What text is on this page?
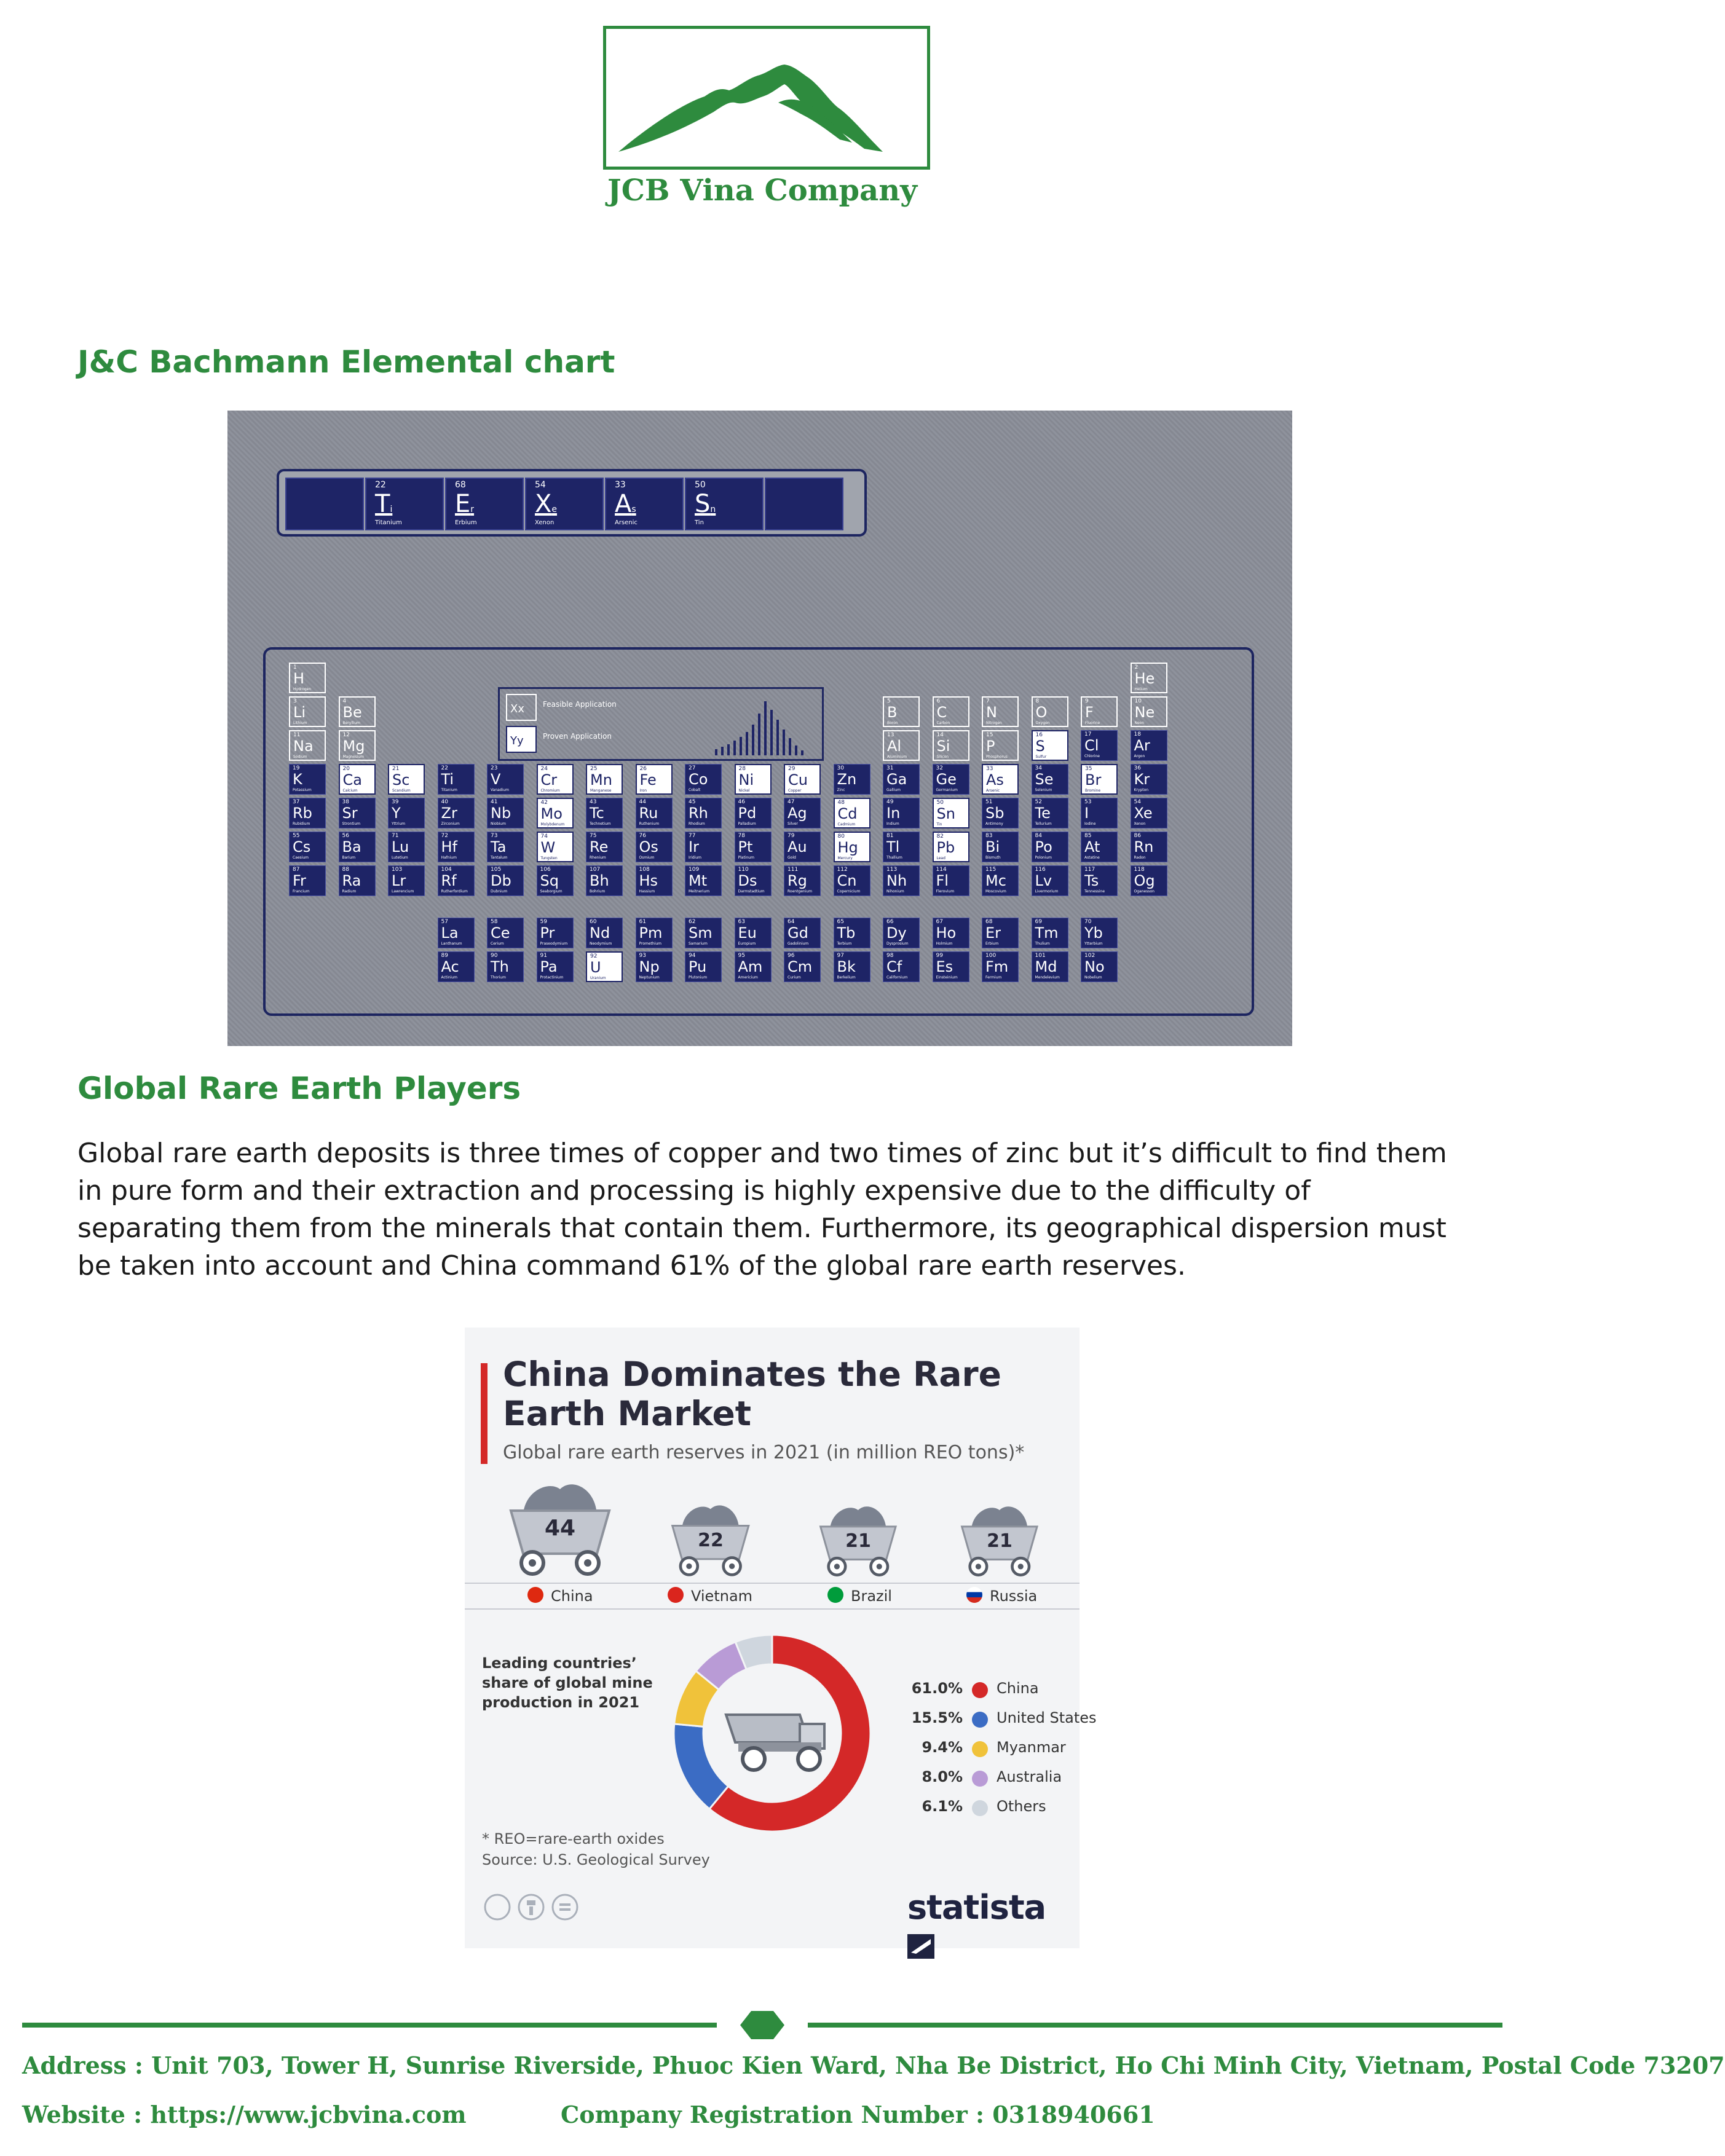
JCB Vina Company
J&C Bachmann Elemental chart
22
Ti
Titanium
68
Er
Erbium
54
Xe
Xenon
33
As
Arsenic
50
Sn
Tin
Xx	Feasible Application
Yy	Proven Application
1
H
Hydrogen
2
He
Helium
3
Li
Lithium
4
Be
Beryllium
5
B
Boron
6
C
Carbon
7
N
Nitrogen
8
O
Oxygen
9
F
Fluorine
10
Ne
Neon
11
Na
Sodium
12
Mg
Magnesium
13
Al
Aluminium
14
Si
Silicon
15
P
Phosphorus
16
S
Sulfur
17
Cl
Chlorine
18
Ar
Argon
19
K
Potassium
20
Ca
Calcium
21
Sc
Scandium
22
Ti
Titanium
23
V
Vanadium
24
Cr
Chromium
25
Mn
Manganese
26
Fe
Iron
27
Co
Cobalt
28
Ni
Nickel
29
Cu
Copper
30
Zn
Zinc
31
Ga
Gallium
32
Ge
Germanium
33
As
Arsenic
34
Se
Selenium
35
Br
Bromine
36
Kr
Krypton
37
Rb
Rubidium
38
Sr
Strontium
39
Y
Yttrium
40
Zr
Zirconium
41
Nb
Niobium
42
Mo
Molybdenum
43
Tc
Technetium
44
Ru
Ruthenium
45
Rh
Rhodium
46
Pd
Palladium
47
Ag
Silver
48
Cd
Cadmium
49
In
Indium
50
Sn
Tin
51
Sb
Antimony
52
Te
Tellurium
53
I
Iodine
54
Xe
Xenon
55
Cs
Caesium
56
Ba
Barium
71
Lu
Lutetium
72
Hf
Hafnium
73
Ta
Tantalum
74
W
Tungsten
75
Re
Rhenium
76
Os
Osmium
77
Ir
Iridium
78
Pt
Platinum
79
Au
Gold
80
Hg
Mercury
81
Tl
Thallium
82
Pb
Lead
83
Bi
Bismuth
84
Po
Polonium
85
At
Astatine
86
Rn
Radon
87
Fr
Francium
88
Ra
Radium
103
Lr
Lawrencium
104
Rf
Rutherfordium
105
Db
Dubnium
106
Sq
Seaborgium
107
Bh
Bohrium
108
Hs
Hassium
109
Mt
Meitnerium
110
Ds
Darmstadtium
111
Rg
Roentgenium
112
Cn
Copernicium
113
Nh
Nihonium
114
Fl
Flerovium
115
Mc
Moscovium
116
Lv
Livermorium
117
Ts
Tennessine
118
Og
Oganesson
57
La
Lanthanum
58
Ce
Cerium
59
Pr
Praseodymium
60
Nd
Neodymium
61
Pm
Promethium
62
Sm
Samarium
63
Eu
Europium
64
Gd
Gadolinium
65
Tb
Terbium
66
Dy
Dysprosium
67
Ho
Holmium
68
Er
Erbium
69
Tm
Thulium
70
Yb
Ytterbium
89
Ac
Actinium
90
Th
Thorium
91
Pa
Protactinium
92
U
Uranium
93
Np
Neptunium
94
Pu
Plutonium
95
Am
Americium
96
Cm
Curium
97
Bk
Berkelium
98
Cf
Californium
99
Es
Einsteinium
100
Fm
Fermium
101
Md
Mendelevium
102
No
Nobelium
Global Rare Earth Players
Global rare earth deposits is three times of copper and two times of zinc but it’s difficult to find them in pure form and their extraction and processing is highly expensive due to the difficulty of separating them from the minerals that contain them. Furthermore, its geographical dispersion must be taken into account and China command 61% of the global rare earth reserves.
China Dominates the Rare
Earth Market
Global rare earth reserves in 2021 (in million REO tons)*
44	22	21	21
China	Vietnam	Brazil	Russia
Leading countries’ share of global mine production in 2021
61.0% China
15.5% United States
9.4% Myanmar
8.0% Australia
6.1% Others
* REO=rare-earth oxides
Source: U.S. Geological Survey
statista
Address : Unit 703, Tower H, Sunrise Riverside, Phuoc Kien Ward, Nha Be District, Ho Chi Minh City, Vietnam, Postal Code 73207
Website : https://www.jcbvina.com	Company Registration Number : 0318940661
